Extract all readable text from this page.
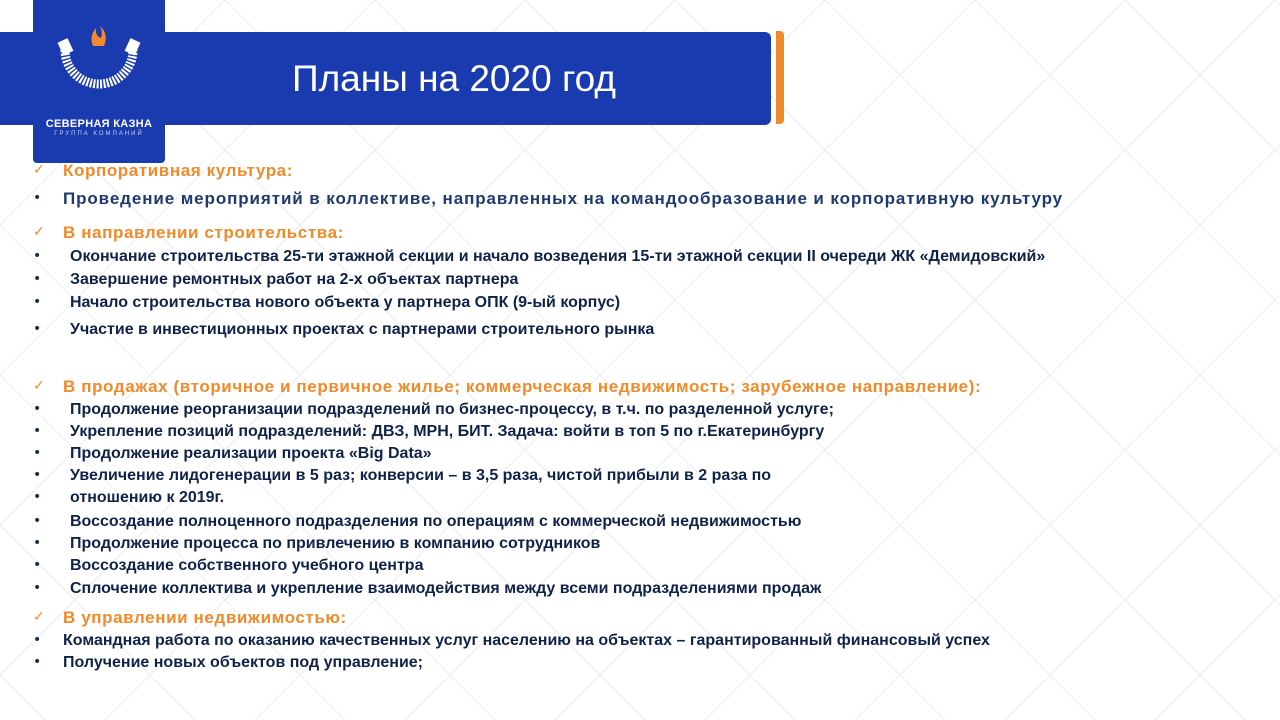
Планы на 2020 год
СЕВЕРНАЯ КАЗНА
ГРУППА КОМПАНИЙ
✓ Корпоративная культура:
• Проведение мероприятий в коллективе, направленных на командообразование и корпоративную культуру
✓ В направлении строительства:
• Окончание строительства 25-ти этажной секции и начало возведения 15-ти этажной секции II очереди ЖК «Демидовский»
• Завершение ремонтных работ на 2-х объектах партнера
• Начало строительства нового объекта у партнера ОПК (9-ый корпус)
• Участие в инвестиционных проектах с партнерами строительного рынка
✓ В продажах (вторичное и первичное жилье; коммерческая недвижимость; зарубежное направление):
• Продолжение реорганизации подразделений по бизнес-процессу, в т.ч. по разделенной услуге;
• Укрепление позиций подразделений: ДВЗ, МРН, БИТ. Задача: войти в топ 5 по г.Екатеринбургу
• Продолжение реализации проекта «Big Data»
• Увеличение лидогенерации в 5 раз; конверсии – в 3,5 раза, чистой прибыли в 2 раза по
• отношению к 2019г.
• Воссоздание полноценного подразделения по операциям с коммерческой недвижимостью
• Продолжение процесса по привлечению в компанию сотрудников
• Воссоздание собственного учебного центра
• Сплочение коллектива и укрепление взаимодействия между всеми подразделениями продаж
✓ В управлении недвижимостью:
• Командная работа по оказанию качественных услуг населению на объектах – гарантированный финансовый успех
• Получение новых объектов под управление;
